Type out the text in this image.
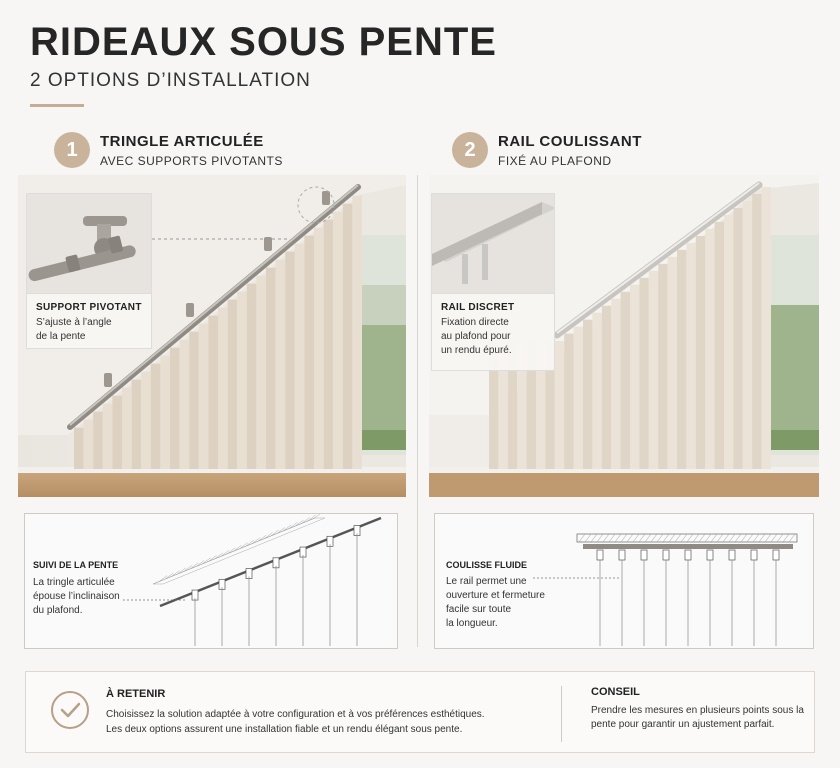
RIDEAUX SOUS PENTE
2 OPTIONS D’INSTALLATION
1	TRINGLE ARTICULÉE
AVEC SUPPORTS PIVOTANTS	2	RAIL COULISSANT
FIXÉ AU PLAFOND
SUPPORT PIVOTANT
S’ajuste à l’angle
de la pente
RAIL DISCRET
Fixation directe
au plafond pour
un rendu épuré.
SUIVI DE LA PENTE
La tringle articulée
épouse l’inclinaison
du plafond.
COULISSE FLUIDE
Le rail permet une
ouverture et fermeture
facile sur toute
la longueur.
À RETENIR
Choisissez la solution adaptée à votre configuration et à vos préférences esthétiques.
Les deux options assurent une installation fiable et un rendu élégant sous pente.
CONSEIL
Prendre les mesures en plusieurs points sous la pente pour garantir un ajustement parfait.
